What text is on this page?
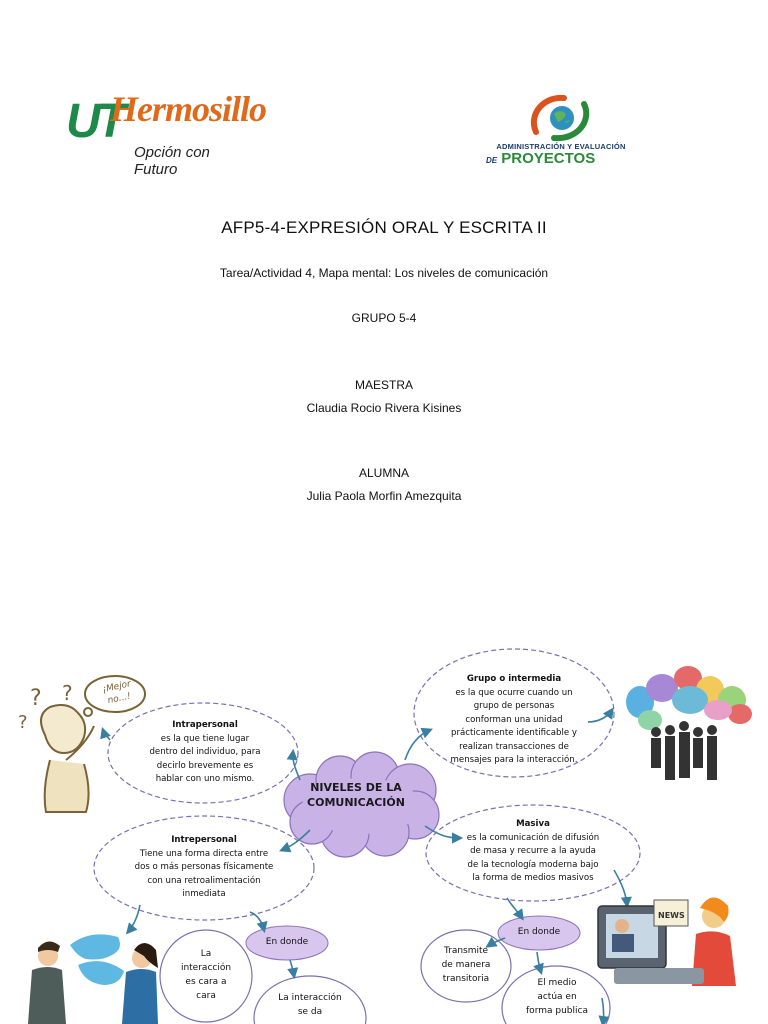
UT
Hermosillo
Opción con Futuro
ADMINISTRACIÓN Y EVALUACIÓN
DE PROYECTOS
AFP5-4-EXPRESIÓN ORAL Y ESCRITA II
Tarea/Actividad 4, Mapa mental: Los niveles de comunicación
GRUPO 5-4
MAESTRA
Claudia Rocio Rivera Kisines
ALUMNA
Julia Paola Morfin Amezquita
? ?
?
NEWS
NIVELES DE LA
COMUNICACIÓN
Intrapersonal
es la que tiene lugar
dentro del individuo, para
decirlo brevemente es
hablar con uno mismo.
Intrepersonal
Tiene una forma directa entre
dos o más personas físicamente
con una retroalimentación
inmediata
Grupo o intermedia
es la que ocurre cuando un
grupo de personas
conforman una unidad
prácticamente identificable y
realizan transacciones de
mensajes para la interacción.
Masiva
es la comunicación de difusión
de masa y recurre a la ayuda
de la tecnología moderna bajo
la forma de medios masivos
En donde
En donde
La
interacción
es cara a
cara	La interacción
se da
Transmite
de manera
transitoria	El medio
actúa en
forma publica
¡Mejor
no...!
